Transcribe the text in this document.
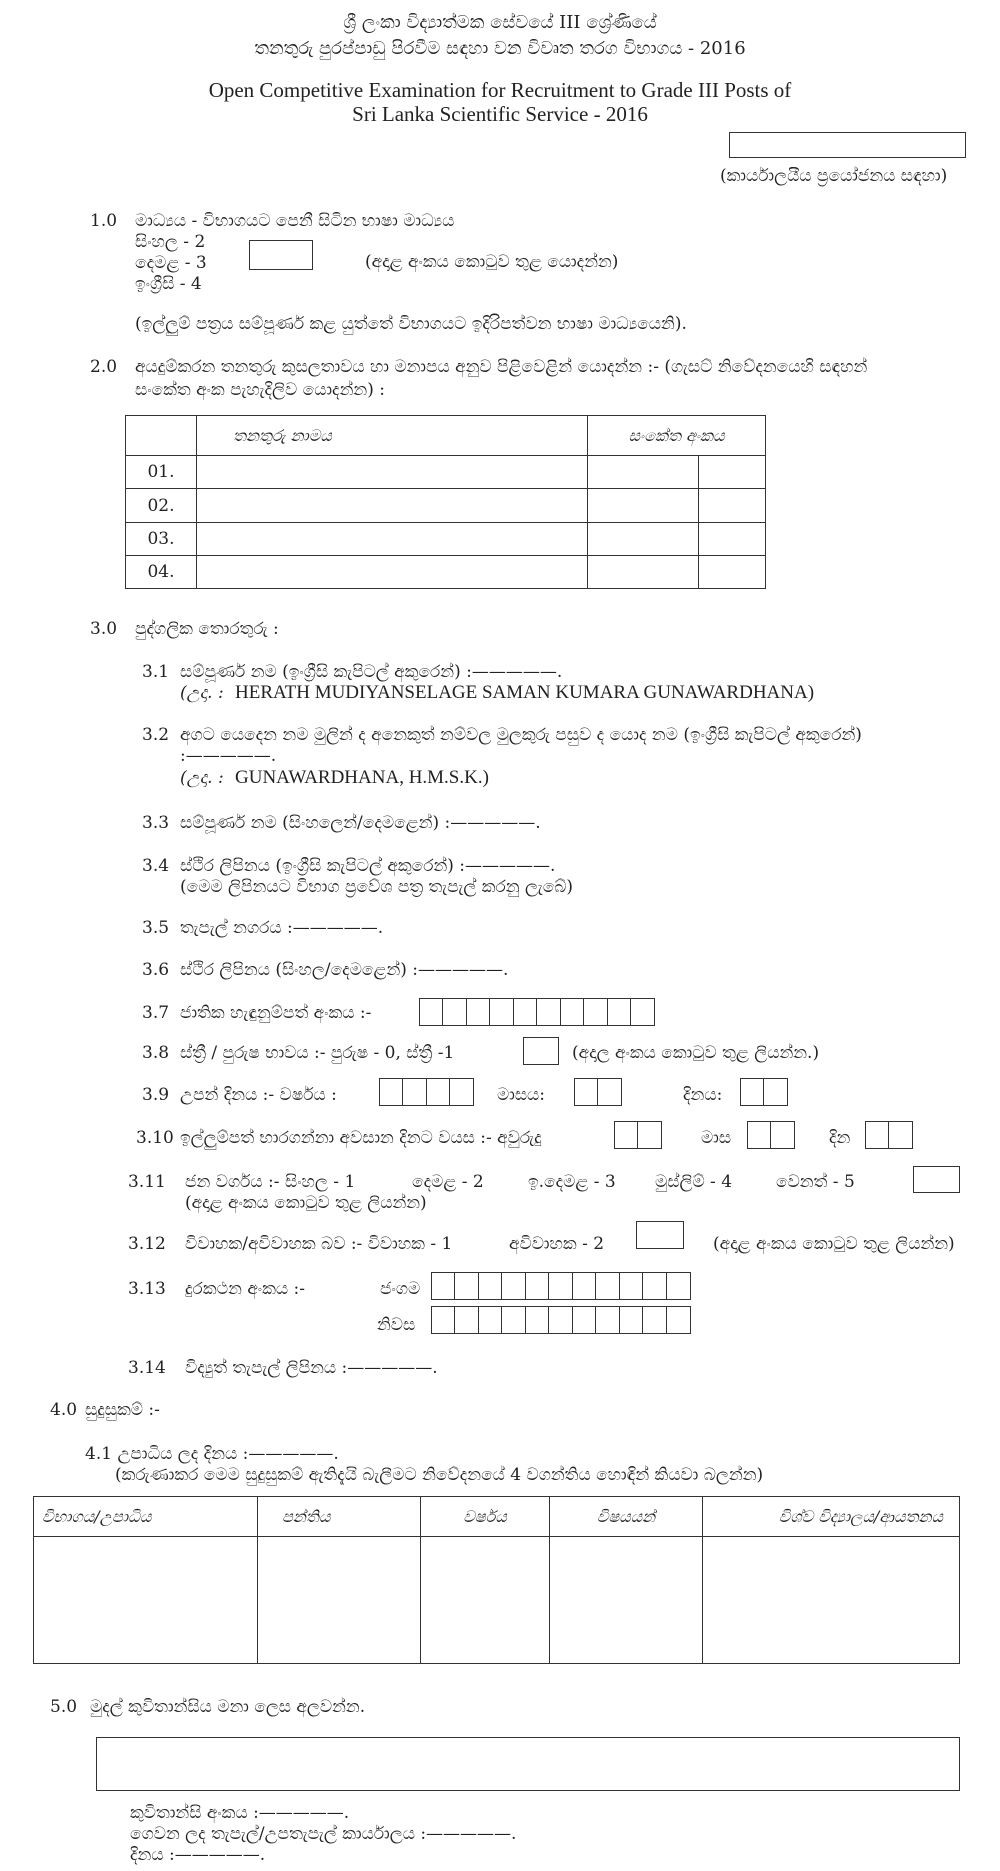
ශ්‍රී ලංකා විද්‍යාත්මක සේවයේ III ශ්‍රේණියේ
තනතුරු පුරප්පාඩු පිරවීම සඳහා වන විවෘත තරග විභාගය - 2016
Open Competitive Examination for Recruitment to Grade III Posts of
Sri Lanka Scientific Service - 2016
(කාර්යාලයීය ප්‍රයෝජනය සඳහා)
1.0 මාධ්‍යය - විභාගයට පෙනී සිටින භාෂා මාධ්‍යය
සිංහල - 2
දෙමළ - 3
ඉංග්‍රීසි - 4
(අදාළ අංකය කොටුව තුළ යොදන්න)
(ඉල්ලුම් පත්‍රය සම්පූර්ණ කළ යුත්තේ විභාගයට ඉදිරිපත්වන භාෂා මාධ්‍යයෙනි).
2.0 අයදුම්කරන තනතුරු කුසලතාවය හා මනාපය අනුව පිළිවෙළින් යොදන්න :- (ගැසට් නිවේදනයෙහි සඳහන්
සංකේත අංක පැහැදිලිව යොදන්න) :
	තනතුරු නාමය	සංකේත අංකය	
01.			
02.			
03.			
04.			
3.0 පුද්ගලික තොරතුරු :
3.1 සම්පූර්ණ නම (ඉංග්‍රීසි කැපිටල් අකුරෙන්) :—————.
(උදා. : HERATH MUDIYANSELAGE SAMAN KUMARA GUNAWARDHANA)
3.2 අගට යෙදෙන නම මුලින් ද අනෙකුත් නම්වල මුලකුරු පසුව ද යොද නම (ඉංග්‍රීසි කැපිටල් අකුරෙන්)
:—————.
(උදා. : GUNAWARDHANA, H.M.S.K.)
3.3 සම්පූර්ණ නම (සිංහලෙන්/දෙමළෙන්) :—————.
3.4 ස්ථිර ලිපිනය (ඉංග්‍රීසි කැපිටල් අකුරෙන්) :—————.
(මෙම ලිපිනයට විභාග ප්‍රවේශ පත්‍ර තැපැල් කරනු ලැබේ)
3.5 තැපැල් නගරය :—————.
3.6 ස්ථිර ලිපිනය (සිංහල/දෙමළෙන්) :—————.
3.7 ජාතික හැඳුනුම්පත් අංකය :-
3.8 ස්ත්‍රී / පුරුෂ භාවය :- පුරුෂ - 0, ස්ත්‍රී -1	(අදාල අංකය කොටුව තුළ ලියන්න.)
3.9 උපන් දිනය :- වර්ෂය :	මාසය:	දිනය:
3.10 ඉල්ලුම්පත් භාරගන්නා අවසාන දිනට වයස :- අවුරුදු	මාස	දින
3.11 ජන වර්ගය :- සිංහල - 1	දෙමළ - 2	ඉ.දෙමළ - 3 මුස්ලිම් - 4	වෙනත් - 5
(අදාළ අංකය කොටුව තුළ ලියන්න)
3.12 විවාහක/අවිවාහක බව :- විවාහක - 1	අවිවාහක - 2	(අදාළ අංකය කොටුව තුළ ලියන්න)
3.13 දුරකථන අංකය :-	ජංගම
නිවස
3.14 විද්‍යුත් තැපැල් ලිපිනය :—————.
4.0 සුදුසුකම් :-
4.1 උපාධිය ලද දිනය :—————.
(කරුණාකර මෙම සුදුසුකම් ඇතිදැයි බැලීමට නිවේදනයේ 4 වගන්තිය හොඳින් කියවා බලන්න)
විභාගය/උපාධිය	පන්තිය	වර්ෂය	විෂයයන්	විශ්ව විද්‍යාලය/ආයතනය

5.0 මුදල් කුවිතාන්සිය මනා ලෙස අලවන්න.
කුවිතාන්සි අංකය :—————.
ගෙවන ලද තැපැල්/උපතැපැල් කාර්යාලය :—————.
දිනය :—————.
